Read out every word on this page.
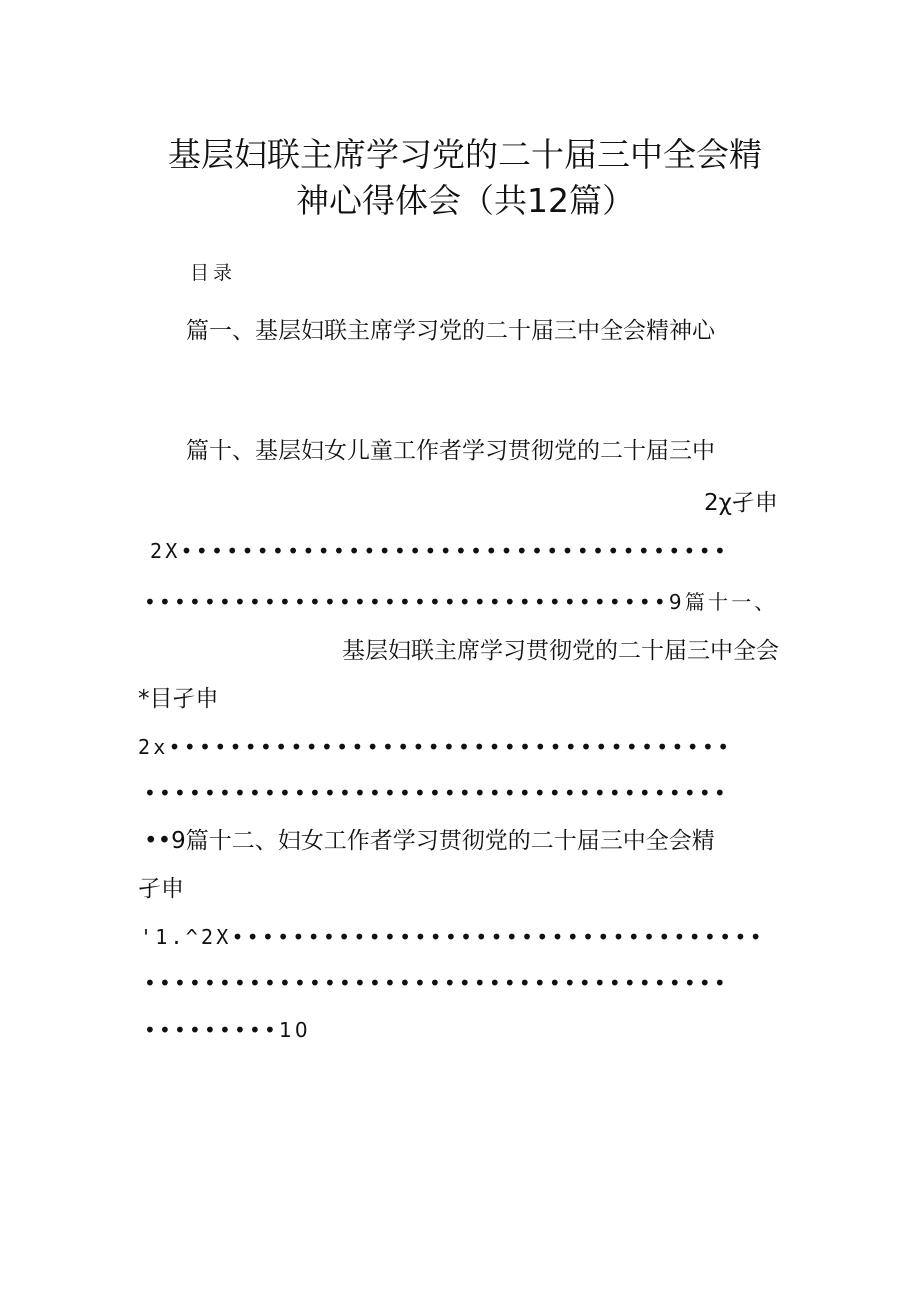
基层妇联主席学习党的二十届三中全会精
神心得体会（共12篇）
目录
篇一、基层妇联主席学习党的二十届三中全会精神心
篇十、基层妇女儿童工作者学习贯彻党的二十届三中
2χ孑申
2X••••••••••••••••••••••••••••••••••••
•••••••••••••••••••••••••••••••••••9篇十一、
基层妇联主席学习贯彻党的二十届三中全会
*目孑申
2x•••••••••••••••••••••••••••••••••••••
•••••••••••••••••••••••••••••••••••••••
••9篇十二、妇女工作者学习贯彻党的二十届三中全会精
孑申
'1.^2X•••••••••••••••••••••••••••••••••••
•••••••••••••••••••••••••••••••••••••••
•••••••••10
